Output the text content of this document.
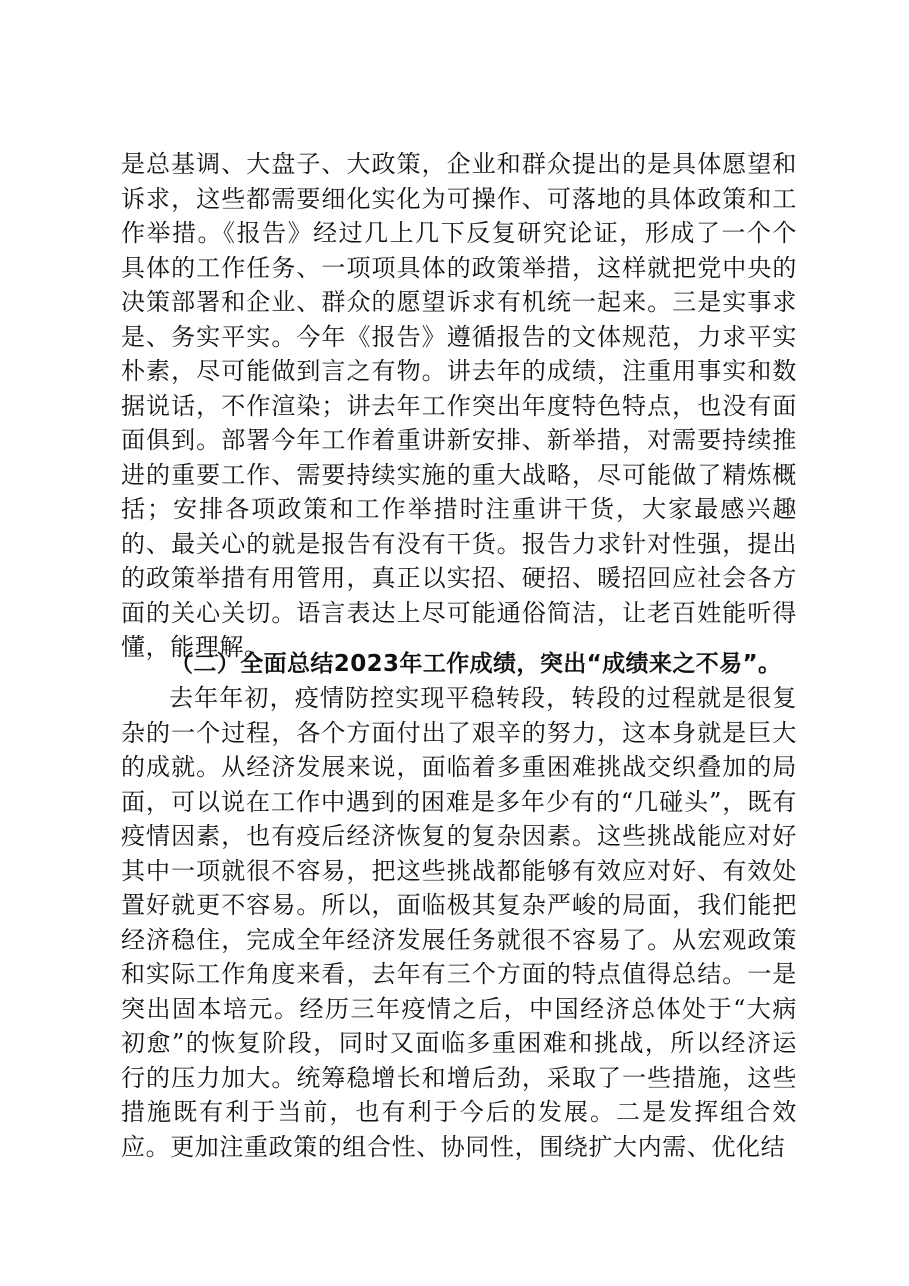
是总基调、大盘子、大政策，企业和群众提出的是具体愿望和诉求，这些都需要细化实化为可操作、可落地的具体政策和工作举措。《报告》经过几上几下反复研究论证，形成了一个个具体的工作任务、一项项具体的政策举措，这样就把党中央的决策部署和企业、群众的愿望诉求有机统一起来。三是实事求是、务实平实。今年《报告》遵循报告的文体规范，力求平实朴素，尽可能做到言之有物。讲去年的成绩，注重用事实和数据说话，不作渲染；讲去年工作突出年度特色特点，也没有面面俱到。部署今年工作着重讲新安排、新举措，对需要持续推进的重要工作、需要持续实施的重大战略，尽可能做了精炼概括；安排各项政策和工作举措时注重讲干货，大家最感兴趣的、最关心的就是报告有没有干货。报告力求针对性强，提出的政策举措有用管用，真正以实招、硬招、暖招回应社会各方面的关心关切。语言表达上尽可能通俗简洁，让老百姓能听得懂，能理解。
（二）全面总结2023年工作成绩，突出“成绩来之不易”。
去年年初，疫情防控实现平稳转段，转段的过程就是很复杂的一个过程，各个方面付出了艰辛的努力，这本身就是巨大的成就。从经济发展来说，面临着多重困难挑战交织叠加的局面，可以说在工作中遇到的困难是多年少有的“几碰头”，既有疫情因素，也有疫后经济恢复的复杂因素。这些挑战能应对好其中一项就很不容易，把这些挑战都能够有效应对好、有效处置好就更不容易。所以，面临极其复杂严峻的局面，我们能把经济稳住，完成全年经济发展任务就很不容易了。从宏观政策和实际工作角度来看，去年有三个方面的特点值得总结。一是突出固本培元。经历三年疫情之后，中国经济总体处于“大病初愈”的恢复阶段，同时又面临多重困难和挑战，所以经济运行的压力加大。统筹稳增长和增后劲，采取了一些措施，这些措施既有利于当前，也有利于今后的发展。二是发挥组合效应。更加注重政策的组合性、协同性，围绕扩大内需、优化结
